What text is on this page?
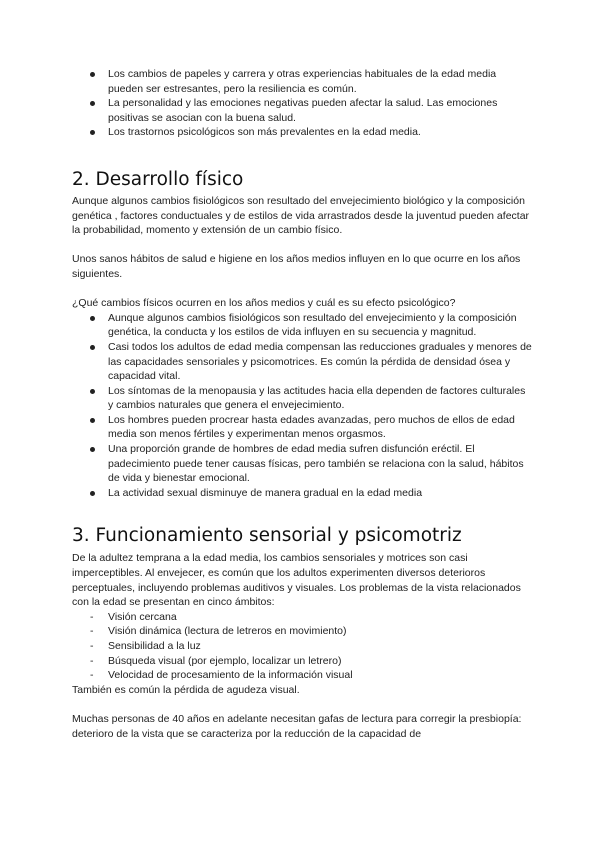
Los cambios de papeles y carrera y otras experiencias habituales de la edad media pueden ser estresantes, pero la resiliencia es común.
La personalidad y las emociones negativas pueden afectar la salud. Las emociones positivas se asocian con la buena salud.
Los trastornos psicológicos son más prevalentes en la edad media.
2. Desarrollo físico

Aunque algunos cambios fisiológicos son resultado del envejecimiento biológico y la composición genética , factores conductuales y de estilos de vida arrastrados desde la juventud pueden afectar la probabilidad, momento y extensión de un cambio físico.

Unos sanos hábitos de salud e higiene en los años medios influyen en lo que ocurre en los años siguientes.

¿Qué cambios físicos ocurren en los años medios y cuál es su efecto psicológico?

Aunque algunos cambios fisiológicos son resultado del envejecimiento y la composición genética, la conducta y los estilos de vida influyen en su secuencia y magnitud.
Casi todos los adultos de edad media compensan las reducciones graduales y menores de las capacidades sensoriales y psicomotrices. Es común la pérdida de densidad ósea y capacidad vital.
Los síntomas de la menopausia y las actitudes hacia ella dependen de factores culturales y cambios naturales que genera el envejecimiento.
Los hombres pueden procrear hasta edades avanzadas, pero muchos de ellos de edad media son menos fértiles y experimentan menos orgasmos.
Una proporción grande de hombres de edad media sufren disfunción eréctil. El padecimiento puede tener causas físicas, pero también se relaciona con la salud, hábitos de vida y bienestar emocional.
La actividad sexual disminuye de manera gradual en la edad media
3. Funcionamiento sensorial y psicomotriz

De la adultez temprana a la edad media, los cambios sensoriales y motrices son casi imperceptibles. Al envejecer, es común que los adultos experimenten diversos deterioros perceptuales, incluyendo problemas auditivos y visuales. Los problemas de la vista relacionados con la edad se presentan en cinco ámbitos:

- Visión cercana
- Visión dinámica (lectura de letreros en movimiento)
- Sensibilidad a la luz
- Búsqueda visual (por ejemplo, localizar un letrero)
- Velocidad de procesamiento de la información visual

También es común la pérdida de agudeza visual.

Muchas personas de 40 años en adelante necesitan gafas de lectura para corregir la presbiopía: deterioro de la vista que se caracteriza por la reducción de la capacidad de
